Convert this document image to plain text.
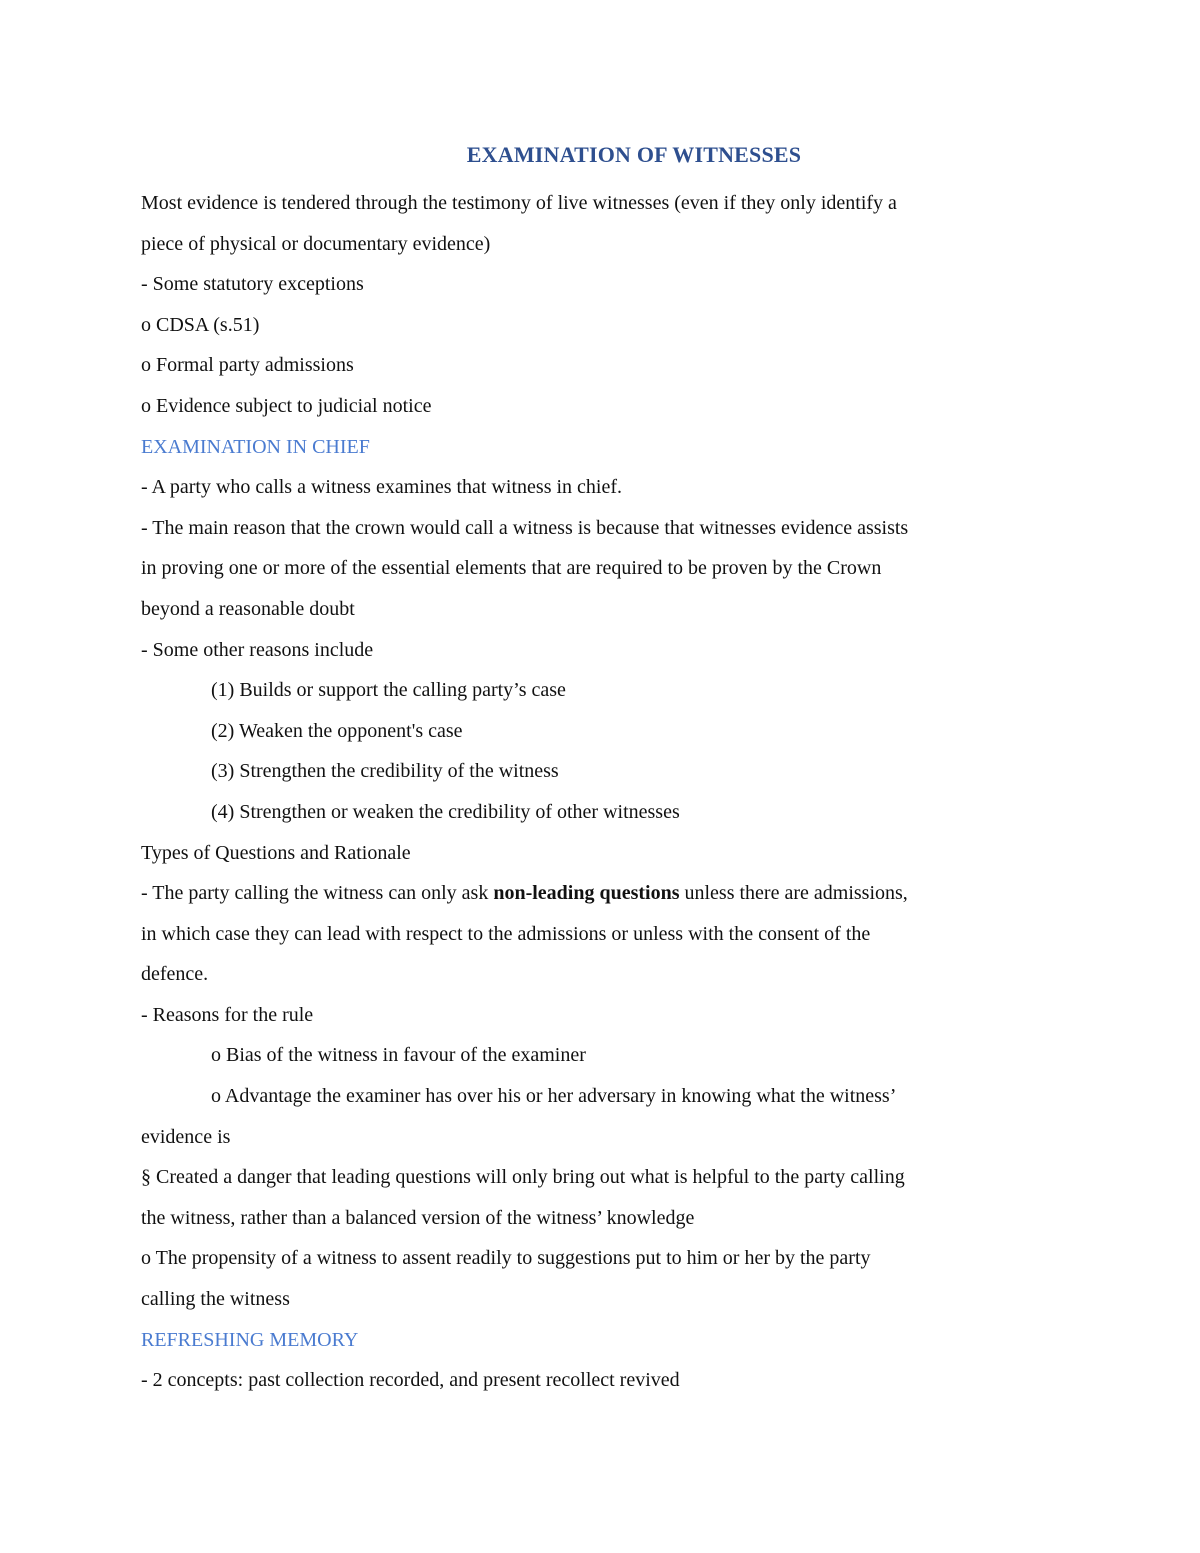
EXAMINATION OF WITNESSES
Most evidence is tendered through the testimony of live witnesses (even if they only identify a
piece of physical or documentary evidence)
- Some statutory exceptions
o CDSA (s.51)
o Formal party admissions
o Evidence subject to judicial notice
EXAMINATION IN CHIEF
- A party who calls a witness examines that witness in chief.
- The main reason that the crown would call a witness is because that witnesses evidence assists
in proving one or more of the essential elements that are required to be proven by the Crown
beyond a reasonable doubt
- Some other reasons include
(1) Builds or support the calling party’s case
(2) Weaken the opponent's case
(3) Strengthen the credibility of the witness
(4) Strengthen or weaken the credibility of other witnesses
Types of Questions and Rationale
- The party calling the witness can only ask non-leading questions unless there are admissions,
in which case they can lead with respect to the admissions or unless with the consent of the
defence.
- Reasons for the rule
o Bias of the witness in favour of the examiner
o Advantage the examiner has over his or her adversary in knowing what the witness’
evidence is
§ Created a danger that leading questions will only bring out what is helpful to the party calling
the witness, rather than a balanced version of the witness’ knowledge
o The propensity of a witness to assent readily to suggestions put to him or her by the party
calling the witness
REFRESHING MEMORY
- 2 concepts: past collection recorded, and present recollect revived
